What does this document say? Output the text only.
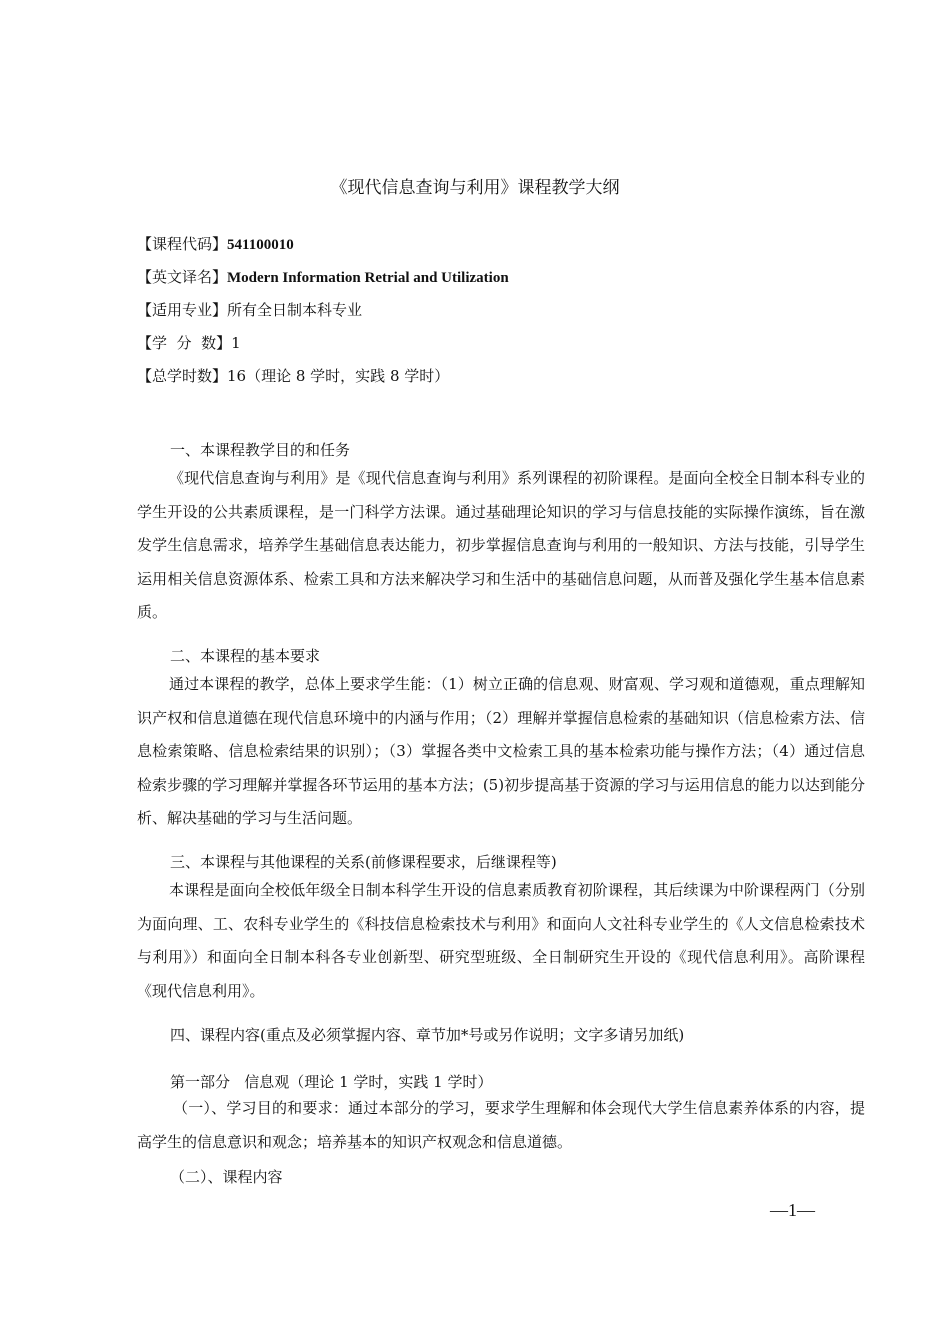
《现代信息查询与利用》课程教学大纲
【课程代码】541100010
【英文译名】Modern Information Retrial and Utilization
【适用专业】所有全日制本科专业
【学  分  数】1
【总学时数】16（理论 8 学时，实践 8 学时）
一、本课程教学目的和任务
《现代信息查询与利用》是《现代信息查询与利用》系列课程的初阶课程。是面向全校全日制本科专业的学生开设的公共素质课程，是一门科学方法课。通过基础理论知识的学习与信息技能的实际操作演练，旨在激发学生信息需求，培养学生基础信息表达能力，初步掌握信息查询与利用的一般知识、方法与技能，引导学生运用相关信息资源体系、检索工具和方法来解决学习和生活中的基础信息问题，从而普及强化学生基本信息素质。
二、本课程的基本要求
通过本课程的教学，总体上要求学生能：（1）树立正确的信息观、财富观、学习观和道德观，重点理解知识产权和信息道德在现代信息环境中的内涵与作用；（2）理解并掌握信息检索的基础知识（信息检索方法、信息检索策略、信息检索结果的识别）；（3）掌握各类中文检索工具的基本检索功能与操作方法；（4）通过信息检索步骤的学习理解并掌握各环节运用的基本方法；(5)初步提高基于资源的学习与运用信息的能力以达到能分析、解决基础的学习与生活问题。
三、本课程与其他课程的关系(前修课程要求，后继课程等)
本课程是面向全校低年级全日制本科学生开设的信息素质教育初阶课程，其后续课为中阶课程两门（分别为面向理、工、农科专业学生的《科技信息检索技术与利用》和面向人文社科专业学生的《人文信息检索技术与利用》）和面向全日制本科各专业创新型、研究型班级、全日制研究生开设的《现代信息利用》。高阶课程《现代信息利用》。
四、课程内容(重点及必须掌握内容、章节加*号或另作说明；文字多请另加纸)
第一部分   信息观（理论 1 学时，实践 1 学时）
（一）、学习目的和要求：通过本部分的学习，要求学生理解和体会现代大学生信息素养体系的内容，提高学生的信息意识和观念；培养基本的知识产权观念和信息道德。
（二）、课程内容
—1—
